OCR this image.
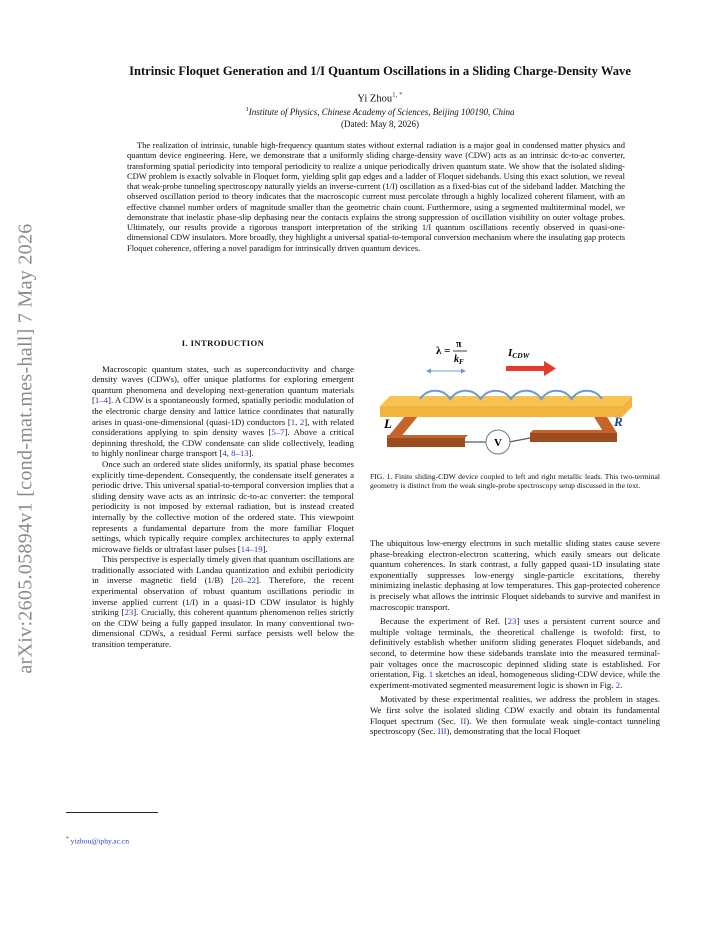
arXiv:2605.05894v1 [cond-mat.mes-hall] 7 May 2026
Intrinsic Floquet Generation and 1/I Quantum Oscillations in a Sliding Charge-Density Wave
Yi Zhou$^{1, *}$
$^1$Institute of Physics, Chinese Academy of Sciences, Beijing 100190, China
(Dated: May 8, 2026)
The realization of intrinsic, tunable high-frequency quantum states without external radiation is a major goal in condensed matter physics and quantum device engineering. Here, we demonstrate that a uniformly sliding charge-density wave (CDW) acts as an intrinsic dc-to-ac converter, transforming spatial periodicity into temporal periodicity to realize a unique periodically driven quantum state. We show that the isolated sliding-CDW problem is exactly solvable in Floquet form, yielding split gap edges and a ladder of Floquet sidebands. Using this exact solution, we reveal that weak-probe tunneling spectroscopy naturally yields an inverse-current (1/I) oscillation as a fixed-bias cut of the sideband ladder. Matching the observed oscillation period to theory indicates that the macroscopic current must percolate through a highly localized coherent filament, with an effective channel number orders of magnitude smaller than the geometric chain count. Furthermore, using a segmented multiterminal model, we demonstrate that inelastic phase-slip dephasing near the contacts explains the strong suppression of oscillation visibility on outer voltage probes. Ultimately, our results provide a rigorous transport interpretation of the striking 1/I quantum oscillations recently observed in quasi-one-dimensional CDW insulators. More broadly, they highlight a universal spatial-to-temporal conversion mechanism where the insulating gap protects Floquet coherence, offering a novel paradigm for intrinsically driven quantum devices.
I. INTRODUCTION

Macroscopic quantum states, such as superconductivity and charge density waves (CDWs), offer unique platforms for exploring emergent quantum phenomena and developing next-generation quantum materials [1–4]. A CDW is a spontaneously formed, spatially periodic modulation of the electronic charge density and lattice lattice coordinates that naturally arises in quasi-one-dimensional (quasi-1D) conductors [1, 2], with related considerations applying to spin density waves [5–7]. Above a critical depinning threshold, the CDW condensate can slide collectively, leading to highly nonlinear charge transport [4, 8–13].

Once such an ordered state slides uniformly, its spatial phase becomes explicitly time-dependent. Consequently, the condensate itself generates a periodic drive. This universal spatial-to-temporal conversion implies that a sliding density wave acts as an intrinsic dc-to-ac converter: the temporal periodicity is not imposed by external radiation, but is instead created internally by the collective motion of the ordered state. This viewpoint represents a fundamental departure from the more familiar Floquet settings, which typically require complex architectures to apply external microwave fields or ultrafast laser pulses [14–19].

This perspective is especially timely given that quantum oscillations are traditionally associated with Landau quantization and exhibit periodicity in inverse magnetic field (1/B) [20–22]. Therefore, the recent experimental observation of robust quantum oscillations periodic in inverse applied current (1/I) in a quasi-1D CDW insulator is highly striking [23]. Crucially, this coherent quantum phenomenon relies strictly on the CDW being a fully gapped insulator. In many conventional two-dimensional CDWs, a residual Fermi surface persists well below the transition temperature.

λ =
π
$k_F$
ICDW
V
L	R
FIG. 1. Finite sliding-CDW device coupled to left and right metallic leads. This two-terminal geometry is distinct from the weak single-probe spectroscopy setup discussed in the text.

The ubiquitous low-energy electrons in such metallic sliding states cause severe phase-breaking electron-electron scattering, which easily smears out delicate quantum coherences. In stark contrast, a fully gapped quasi-1D insulating state exponentially suppresses low-energy single-particle excitations, thereby minimizing inelastic dephasing at low temperatures. This gap-protected coherence is precisely what allows the intrinsic Floquet sidebands to survive and manifest in macroscopic transport.

Because the experiment of Ref. [23] uses a persistent current source and multiple voltage terminals, the theoretical challenge is twofold: first, to definitively establish whether uniform sliding generates Floquet sidebands, and second, to determine how these sidebands translate into the measured terminal-pair voltages once the macroscopic depinned sliding state is established. For orientation, Fig. 1 sketches an ideal, homogeneous sliding-CDW device, while the experiment-motivated segmented measurement logic is shown in Fig. 2.

Motivated by these experimental realities, we address the problem in stages. We first solve the isolated sliding CDW exactly and obtain its fundamental Floquet spectrum (Sec. II). We then formulate weak single-contact tunneling spectroscopy (Sec. III), demonstrating that the local Floquet

* yizhou@iphy.ac.cn
